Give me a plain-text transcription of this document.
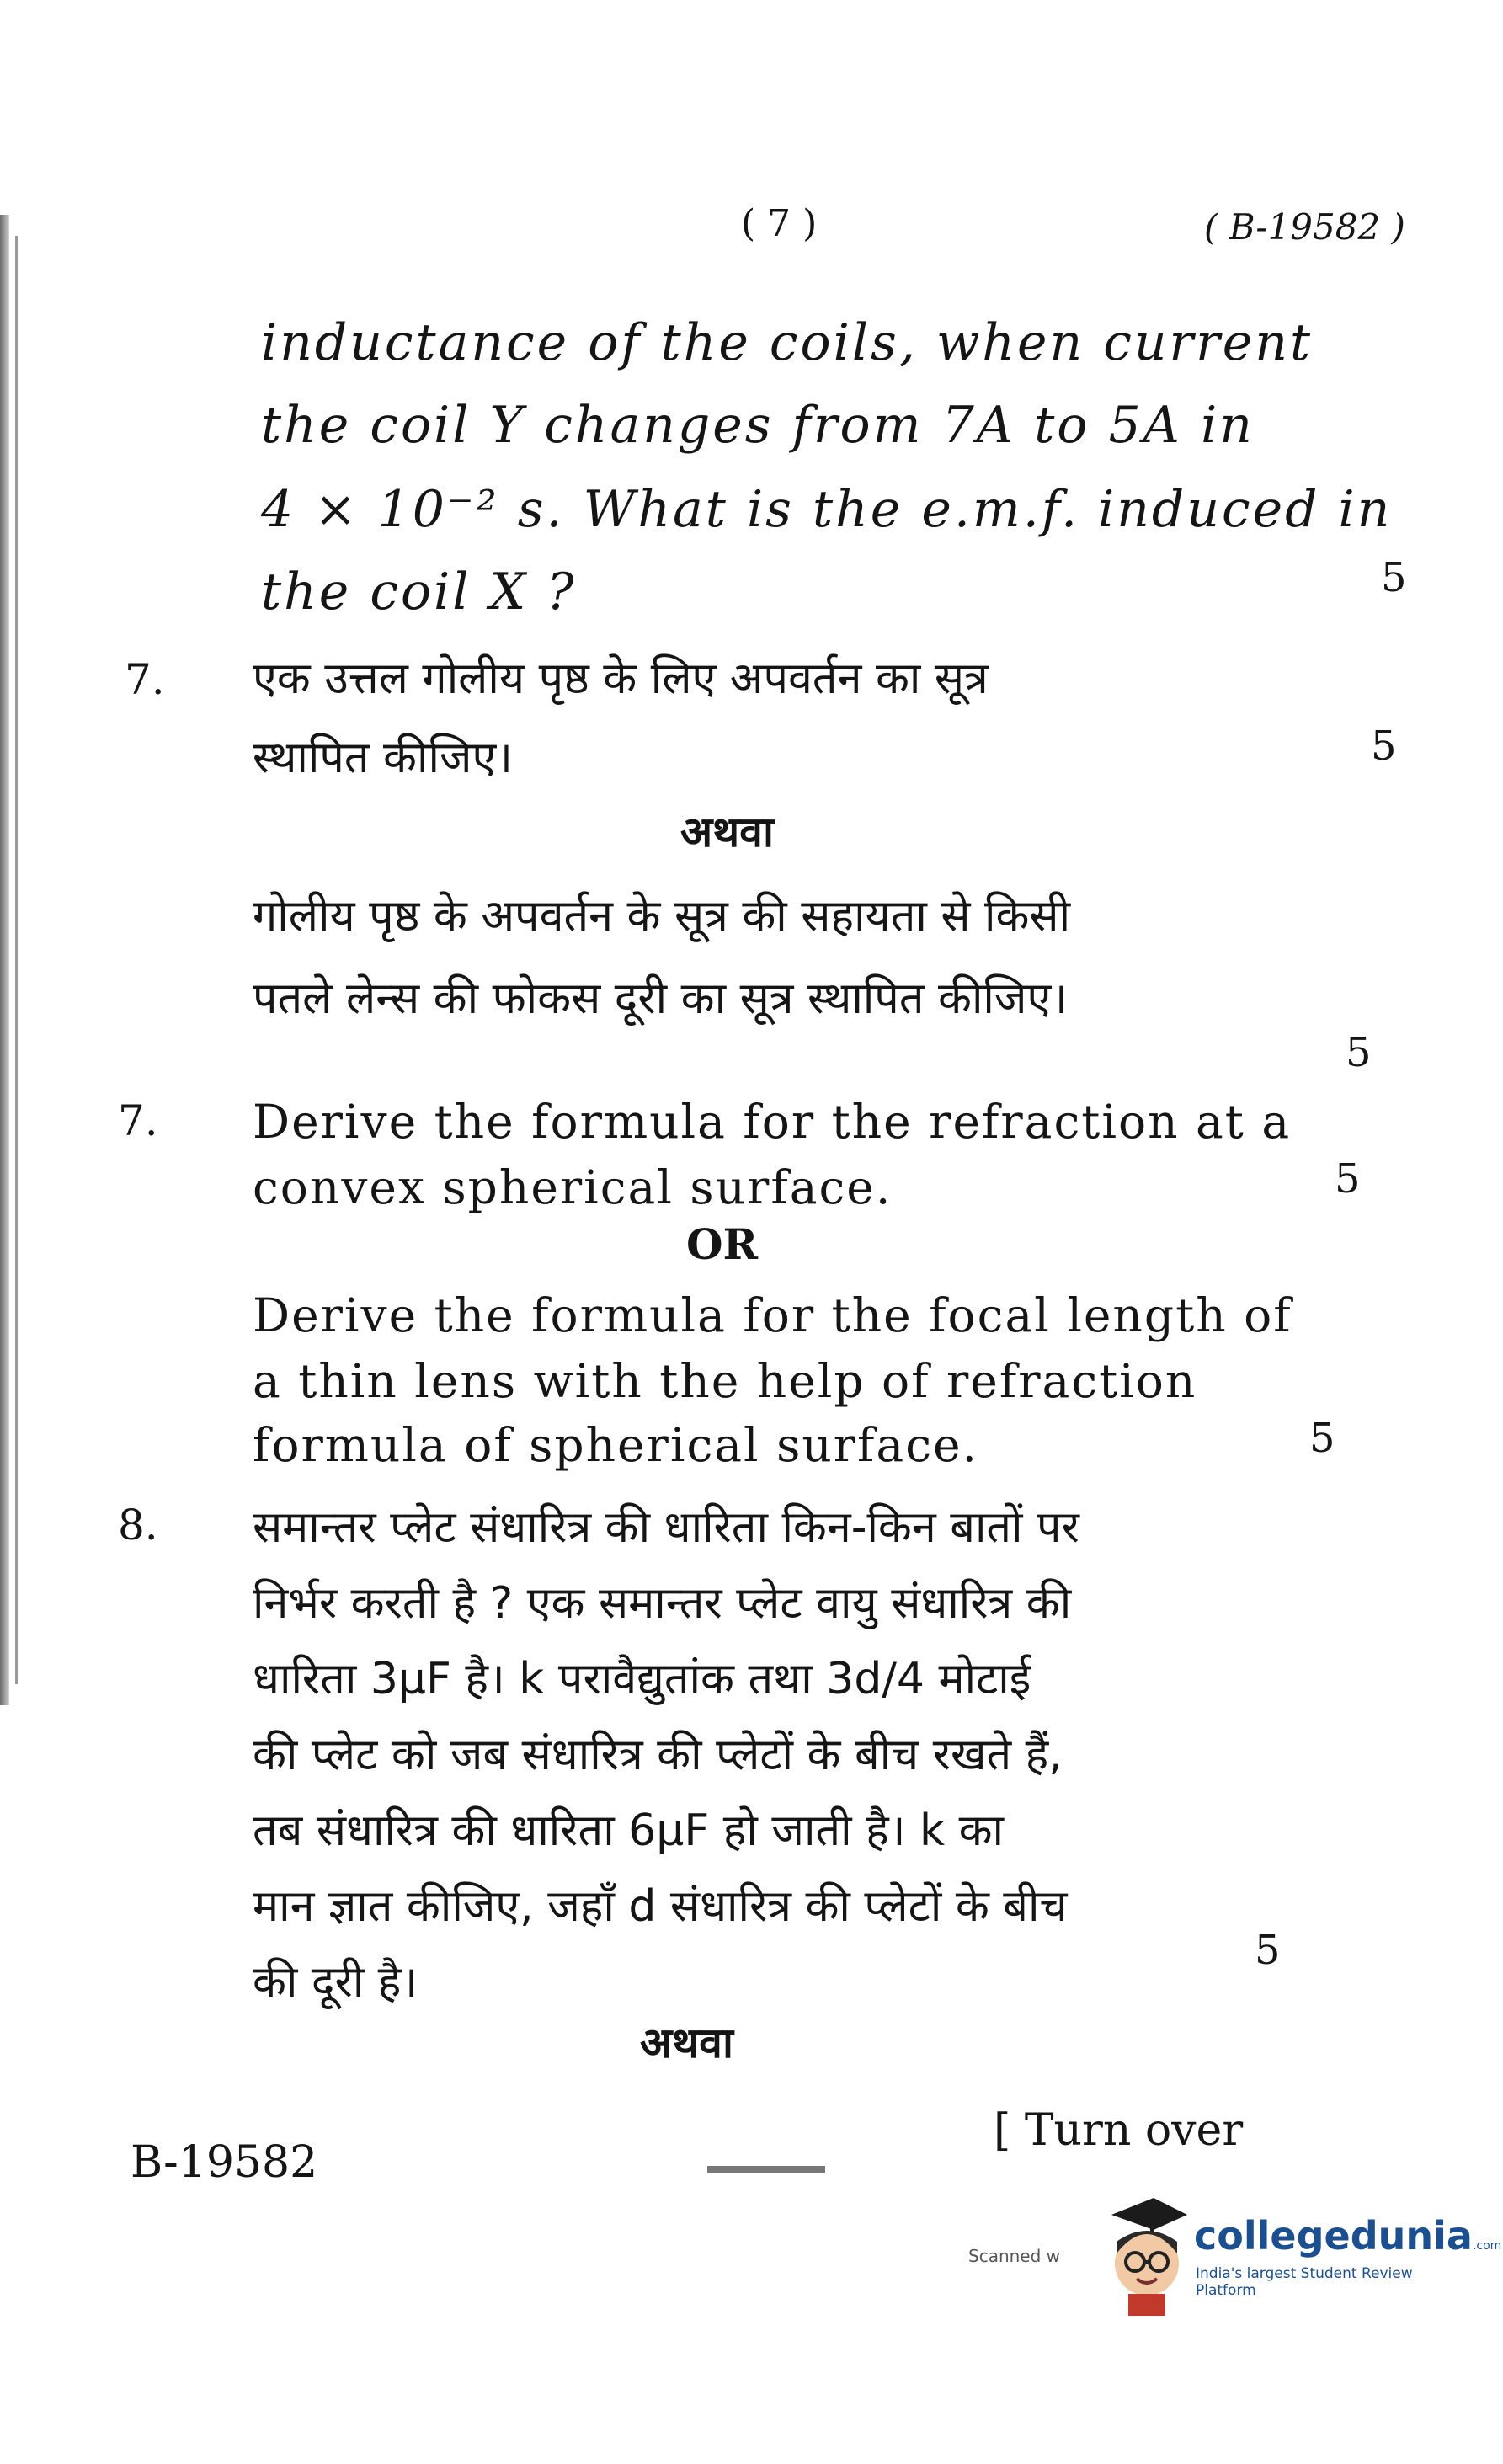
( 7 )	( B-19582 )
inductance of the coils, when current
the coil Y changes from 7A to 5A in
4 × 10⁻² s. What is the e.m.f. induced in
the coil X ?	5
7. एक उत्तल गोलीय पृष्ठ के लिए अपवर्तन का सूत्र
स्थापित कीजिए।	5
अथवा
गोलीय पृष्ठ के अपवर्तन के सूत्र की सहायता से किसी
पतले लेन्स की फोकस दूरी का सूत्र स्थापित कीजिए।
5
7. Derive the formula for the refraction at a
convex spherical surface.	5
OR
Derive the formula for the focal length of
a thin lens with the help of refraction
formula of spherical surface.	5
8. समान्तर प्लेट संधारित्र की धारिता किन-किन बातों पर
निर्भर करती है ? एक समान्तर प्लेट वायु संधारित्र की
धारिता 3μF है। k परावैद्युतांक तथा 3d/4 मोटाई
की प्लेट को जब संधारित्र की प्लेटों के बीच रखते हैं,
तब संधारित्र की धारिता 6μF हो जाती है। k का
मान ज्ञात कीजिए, जहाँ d संधारित्र की प्लेटों के बीच
की दूरी है।
5
अथवा
B-19582
[ Turn over
Scanned w	collegedunia.com
India's largest Student Review Platform
